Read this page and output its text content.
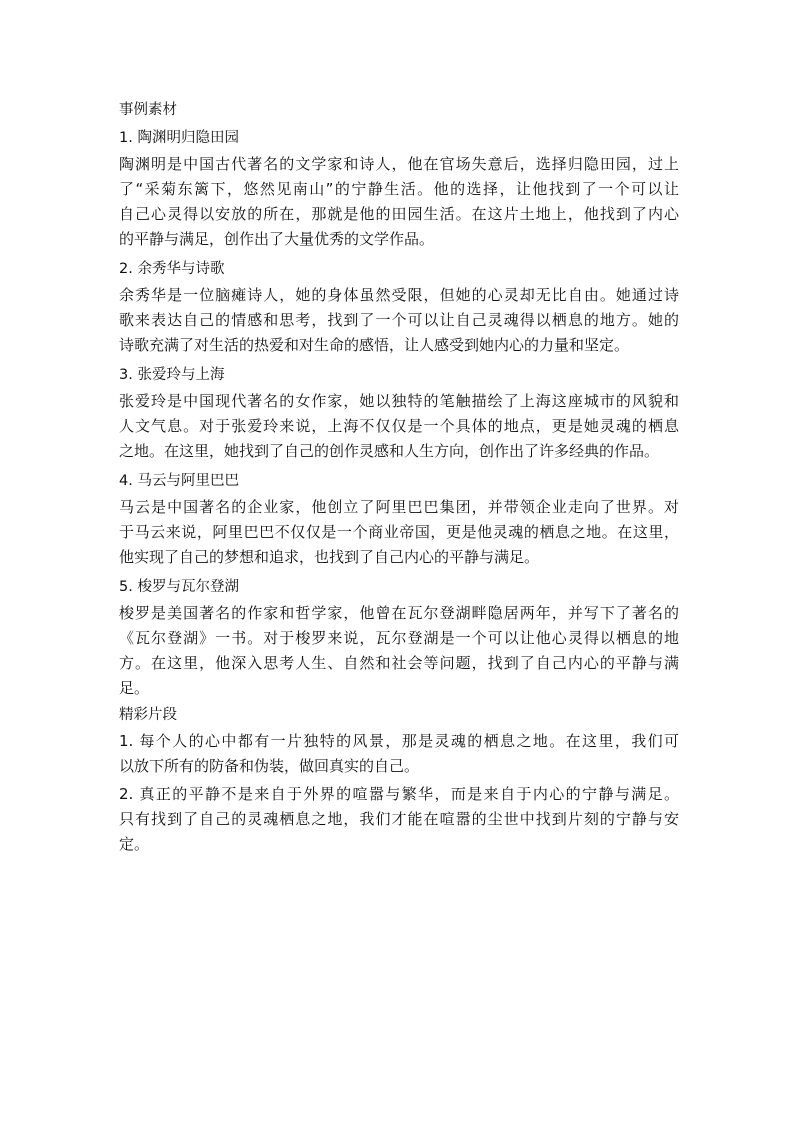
事例素材
1. 陶渊明归隐田园
陶渊明是中国古代著名的文学家和诗人，他在官场失意后，选择归隐田园，过上
了“采菊东篱下，悠然见南山”的宁静生活。他的选择，让他找到了一个可以让
自己心灵得以安放的所在，那就是他的田园生活。在这片土地上，他找到了内心
的平静与满足，创作出了大量优秀的文学作品。
2. 余秀华与诗歌
余秀华是一位脑瘫诗人，她的身体虽然受限，但她的心灵却无比自由。她通过诗
歌来表达自己的情感和思考，找到了一个可以让自己灵魂得以栖息的地方。她的
诗歌充满了对生活的热爱和对生命的感悟，让人感受到她内心的力量和坚定。
3. 张爱玲与上海
张爱玲是中国现代著名的女作家，她以独特的笔触描绘了上海这座城市的风貌和
人文气息。对于张爱玲来说，上海不仅仅是一个具体的地点，更是她灵魂的栖息
之地。在这里，她找到了自己的创作灵感和人生方向，创作出了许多经典的作品。
4. 马云与阿里巴巴
马云是中国著名的企业家，他创立了阿里巴巴集团，并带领企业走向了世界。对
于马云来说，阿里巴巴不仅仅是一个商业帝国，更是他灵魂的栖息之地。在这里，
他实现了自己的梦想和追求，也找到了自己内心的平静与满足。
5. 梭罗与瓦尔登湖
梭罗是美国著名的作家和哲学家，他曾在瓦尔登湖畔隐居两年，并写下了著名的
《瓦尔登湖》一书。对于梭罗来说，瓦尔登湖是一个可以让他心灵得以栖息的地
方。在这里，他深入思考人生、自然和社会等问题，找到了自己内心的平静与满
足。
精彩片段
1. 每个人的心中都有一片独特的风景，那是灵魂的栖息之地。在这里，我们可
以放下所有的防备和伪装，做回真实的自己。
2. 真正的平静不是来自于外界的喧嚣与繁华，而是来自于内心的宁静与满足。
只有找到了自己的灵魂栖息之地，我们才能在喧嚣的尘世中找到片刻的宁静与安
定。
